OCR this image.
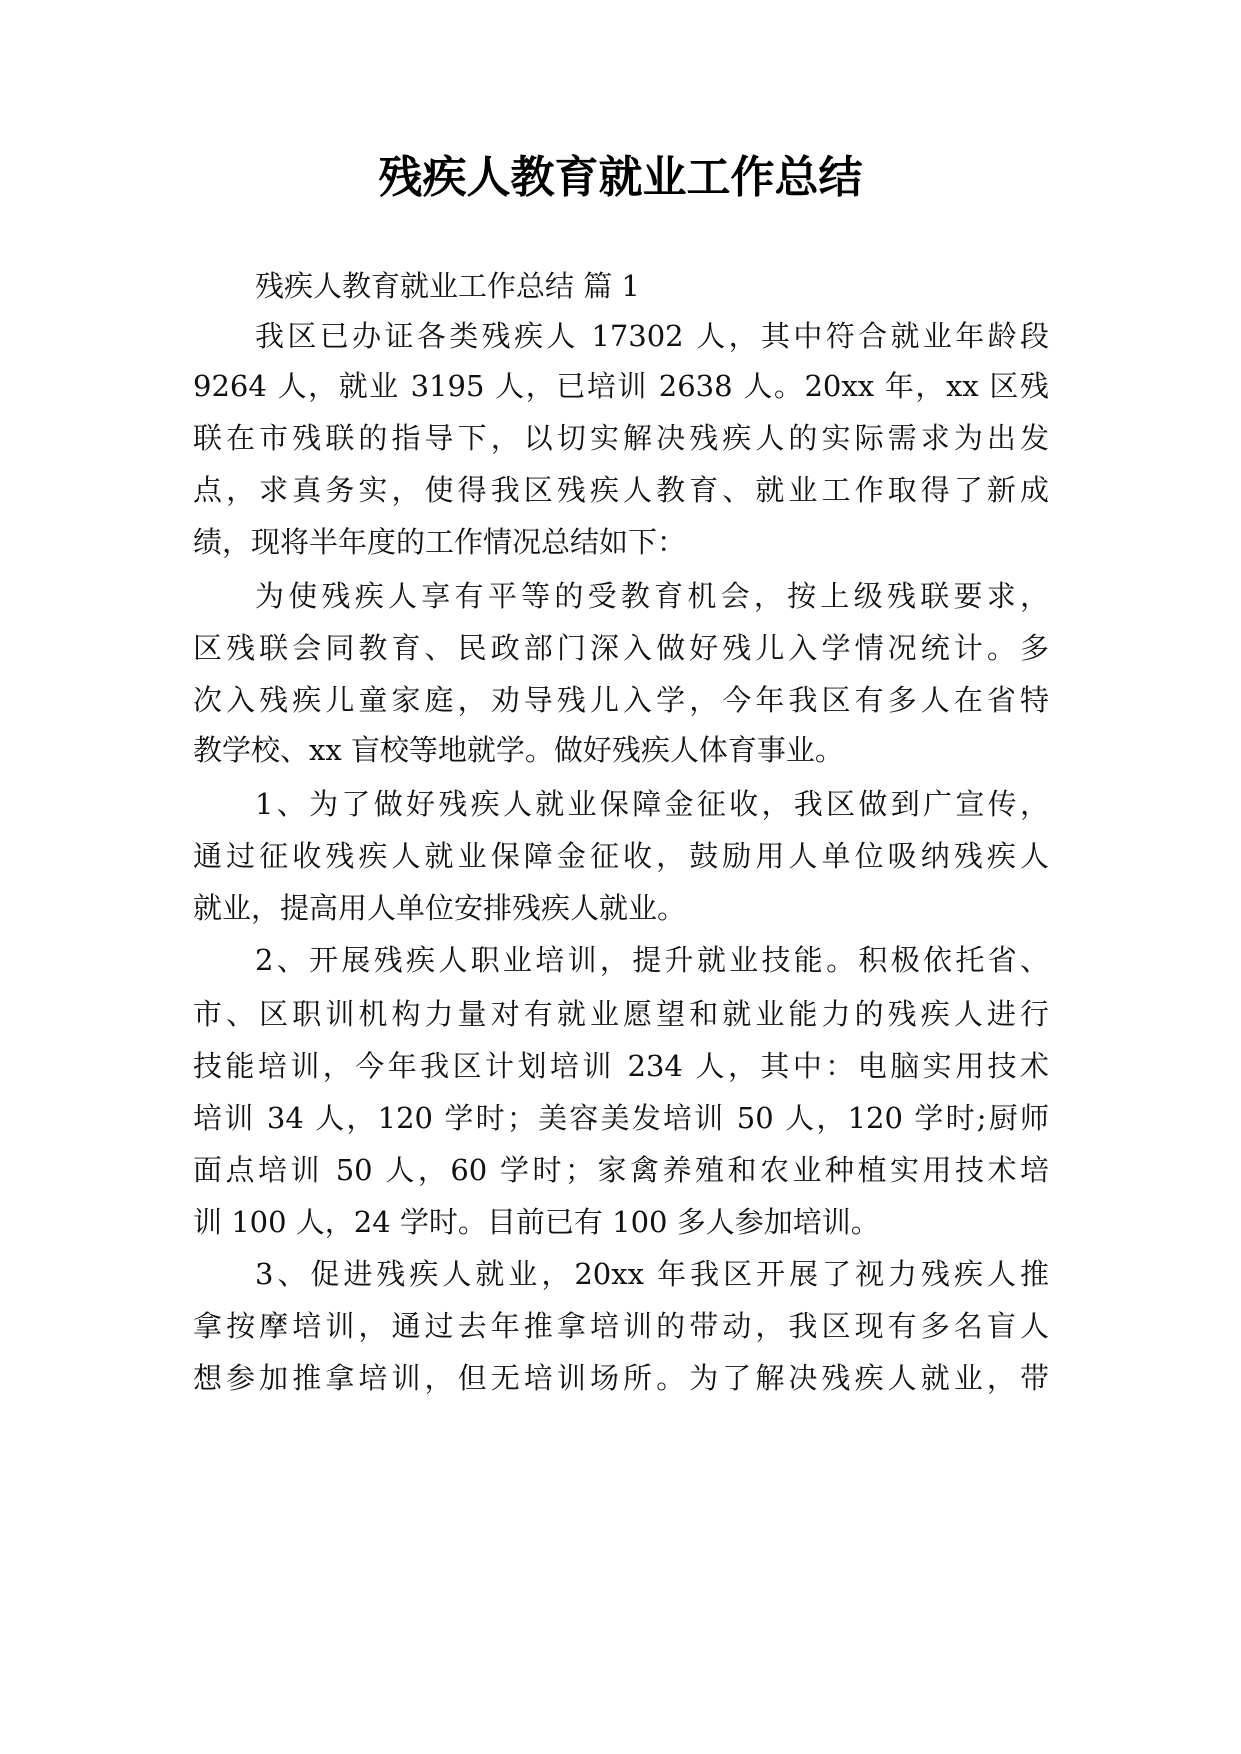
残疾人教育就业工作总结

残疾人教育就业工作总结 篇 1

我区已办证各类残疾人 17302 人，其中符合就业年龄段

9264 人，就业 3195 人，已培训 2638 人。20xx 年，xx 区残

联在市残联的指导下，以切实解决残疾人的实际需求为出发

点，求真务实，使得我区残疾人教育、就业工作取得了新成

绩，现将半年度的工作情况总结如下：

为使残疾人享有平等的受教育机会，按上级残联要求，

区残联会同教育、民政部门深入做好残儿入学情况统计。多

次入残疾儿童家庭，劝导残儿入学，今年我区有多人在省特

教学校、xx 盲校等地就学。做好残疾人体育事业。

1、为了做好残疾人就业保障金征收，我区做到广宣传，

通过征收残疾人就业保障金征收，鼓励用人单位吸纳残疾人

就业，提高用人单位安排残疾人就业。

2、开展残疾人职业培训，提升就业技能。积极依托省、

市、区职训机构力量对有就业愿望和就业能力的残疾人进行

技能培训，今年我区计划培训 234 人，其中：电脑实用技术

培训 34 人，120 学时；美容美发培训 50 人，120 学时;厨师

面点培训 50 人，60 学时；家禽养殖和农业种植实用技术培

训 100 人，24 学时。目前已有 100 多人参加培训。

3、促进残疾人就业，20xx 年我区开展了视力残疾人推

拿按摩培训，通过去年推拿培训的带动，我区现有多名盲人

想参加推拿培训，但无培训场所。为了解决残疾人就业，带
